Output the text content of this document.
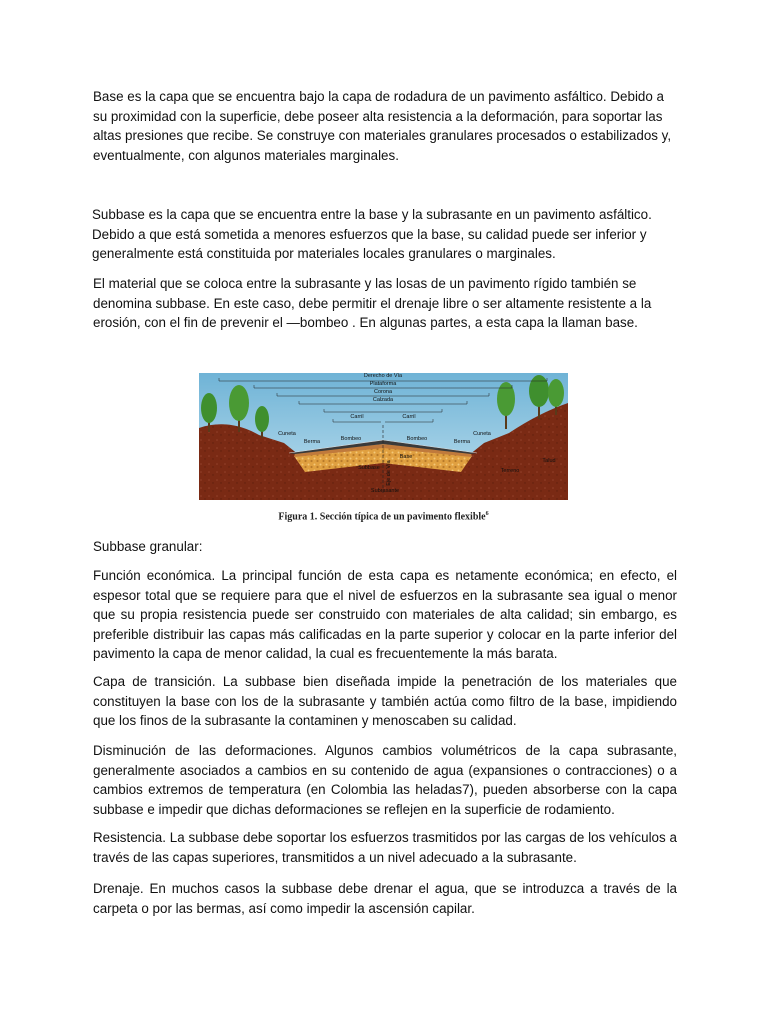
Base es la capa que se encuentra bajo la capa de rodadura de un pavimento asfáltico. Debido a su proximidad con la superficie, debe poseer alta resistencia a la deformación, para soportar las altas presiones que recibe. Se construye con materiales granulares procesados o estabilizados y, eventualmente, con algunos materiales marginales.

Subbase es la capa que se encuentra entre la base y la subrasante en un pavimento asfáltico. Debido a que está sometida a menores esfuerzos que la base, su calidad puede ser inferior y generalmente está constituida por materiales locales granulares o marginales.

El material que se coloca entre la subrasante y las losas de un pavimento rígido también se denomina subbase. En este caso, debe permitir el drenaje libre o ser altamente resistente a la erosión, con el fin de prevenir el ―bombeo . En algunas partes, a esta capa la llaman base.

Derecho de Vía
Plataforma
Corona
Calzada
Carril	Carril
Cuneta	Cuneta
Berma	Berma
Bombeo	Bombeo
Eje de Vía
Base
Subbase
Subrasante
Terreno
Talud
Figura 1. Sección típica de un pavimento flexible$^6$

Subbase granular:

Función económica. La principal función de esta capa es netamente económica; en efecto, el espesor total que se requiere para que el nivel de esfuerzos en la subrasante sea igual o menor que su propia resistencia puede ser construido con materiales de alta calidad; sin embargo, es preferible distribuir las capas más calificadas en la parte superior y colocar en la parte inferior del pavimento la capa de menor calidad, la cual es frecuentemente la más barata.

Capa de transición. La subbase bien diseñada impide la penetración de los materiales que constituyen la base con los de la subrasante y también actúa como filtro de la base, impidiendo que los finos de la subrasante la contaminen y menoscaben su calidad.

Disminución de las deformaciones. Algunos cambios volumétricos de la capa subrasante, generalmente asociados a cambios en su contenido de agua (expansiones o contracciones) o a cambios extremos de temperatura (en Colombia las heladas7), pueden absorberse con la capa subbase e impedir que dichas deformaciones se reflejen en la superficie de rodamiento.

Resistencia. La subbase debe soportar los esfuerzos trasmitidos por las cargas de los vehículos a través de las capas superiores, transmitidos a un nivel adecuado a la subrasante.

Drenaje. En muchos casos la subbase debe drenar el agua, que se introduzca a través de la carpeta o por las bermas, así como impedir la ascensión capilar.
